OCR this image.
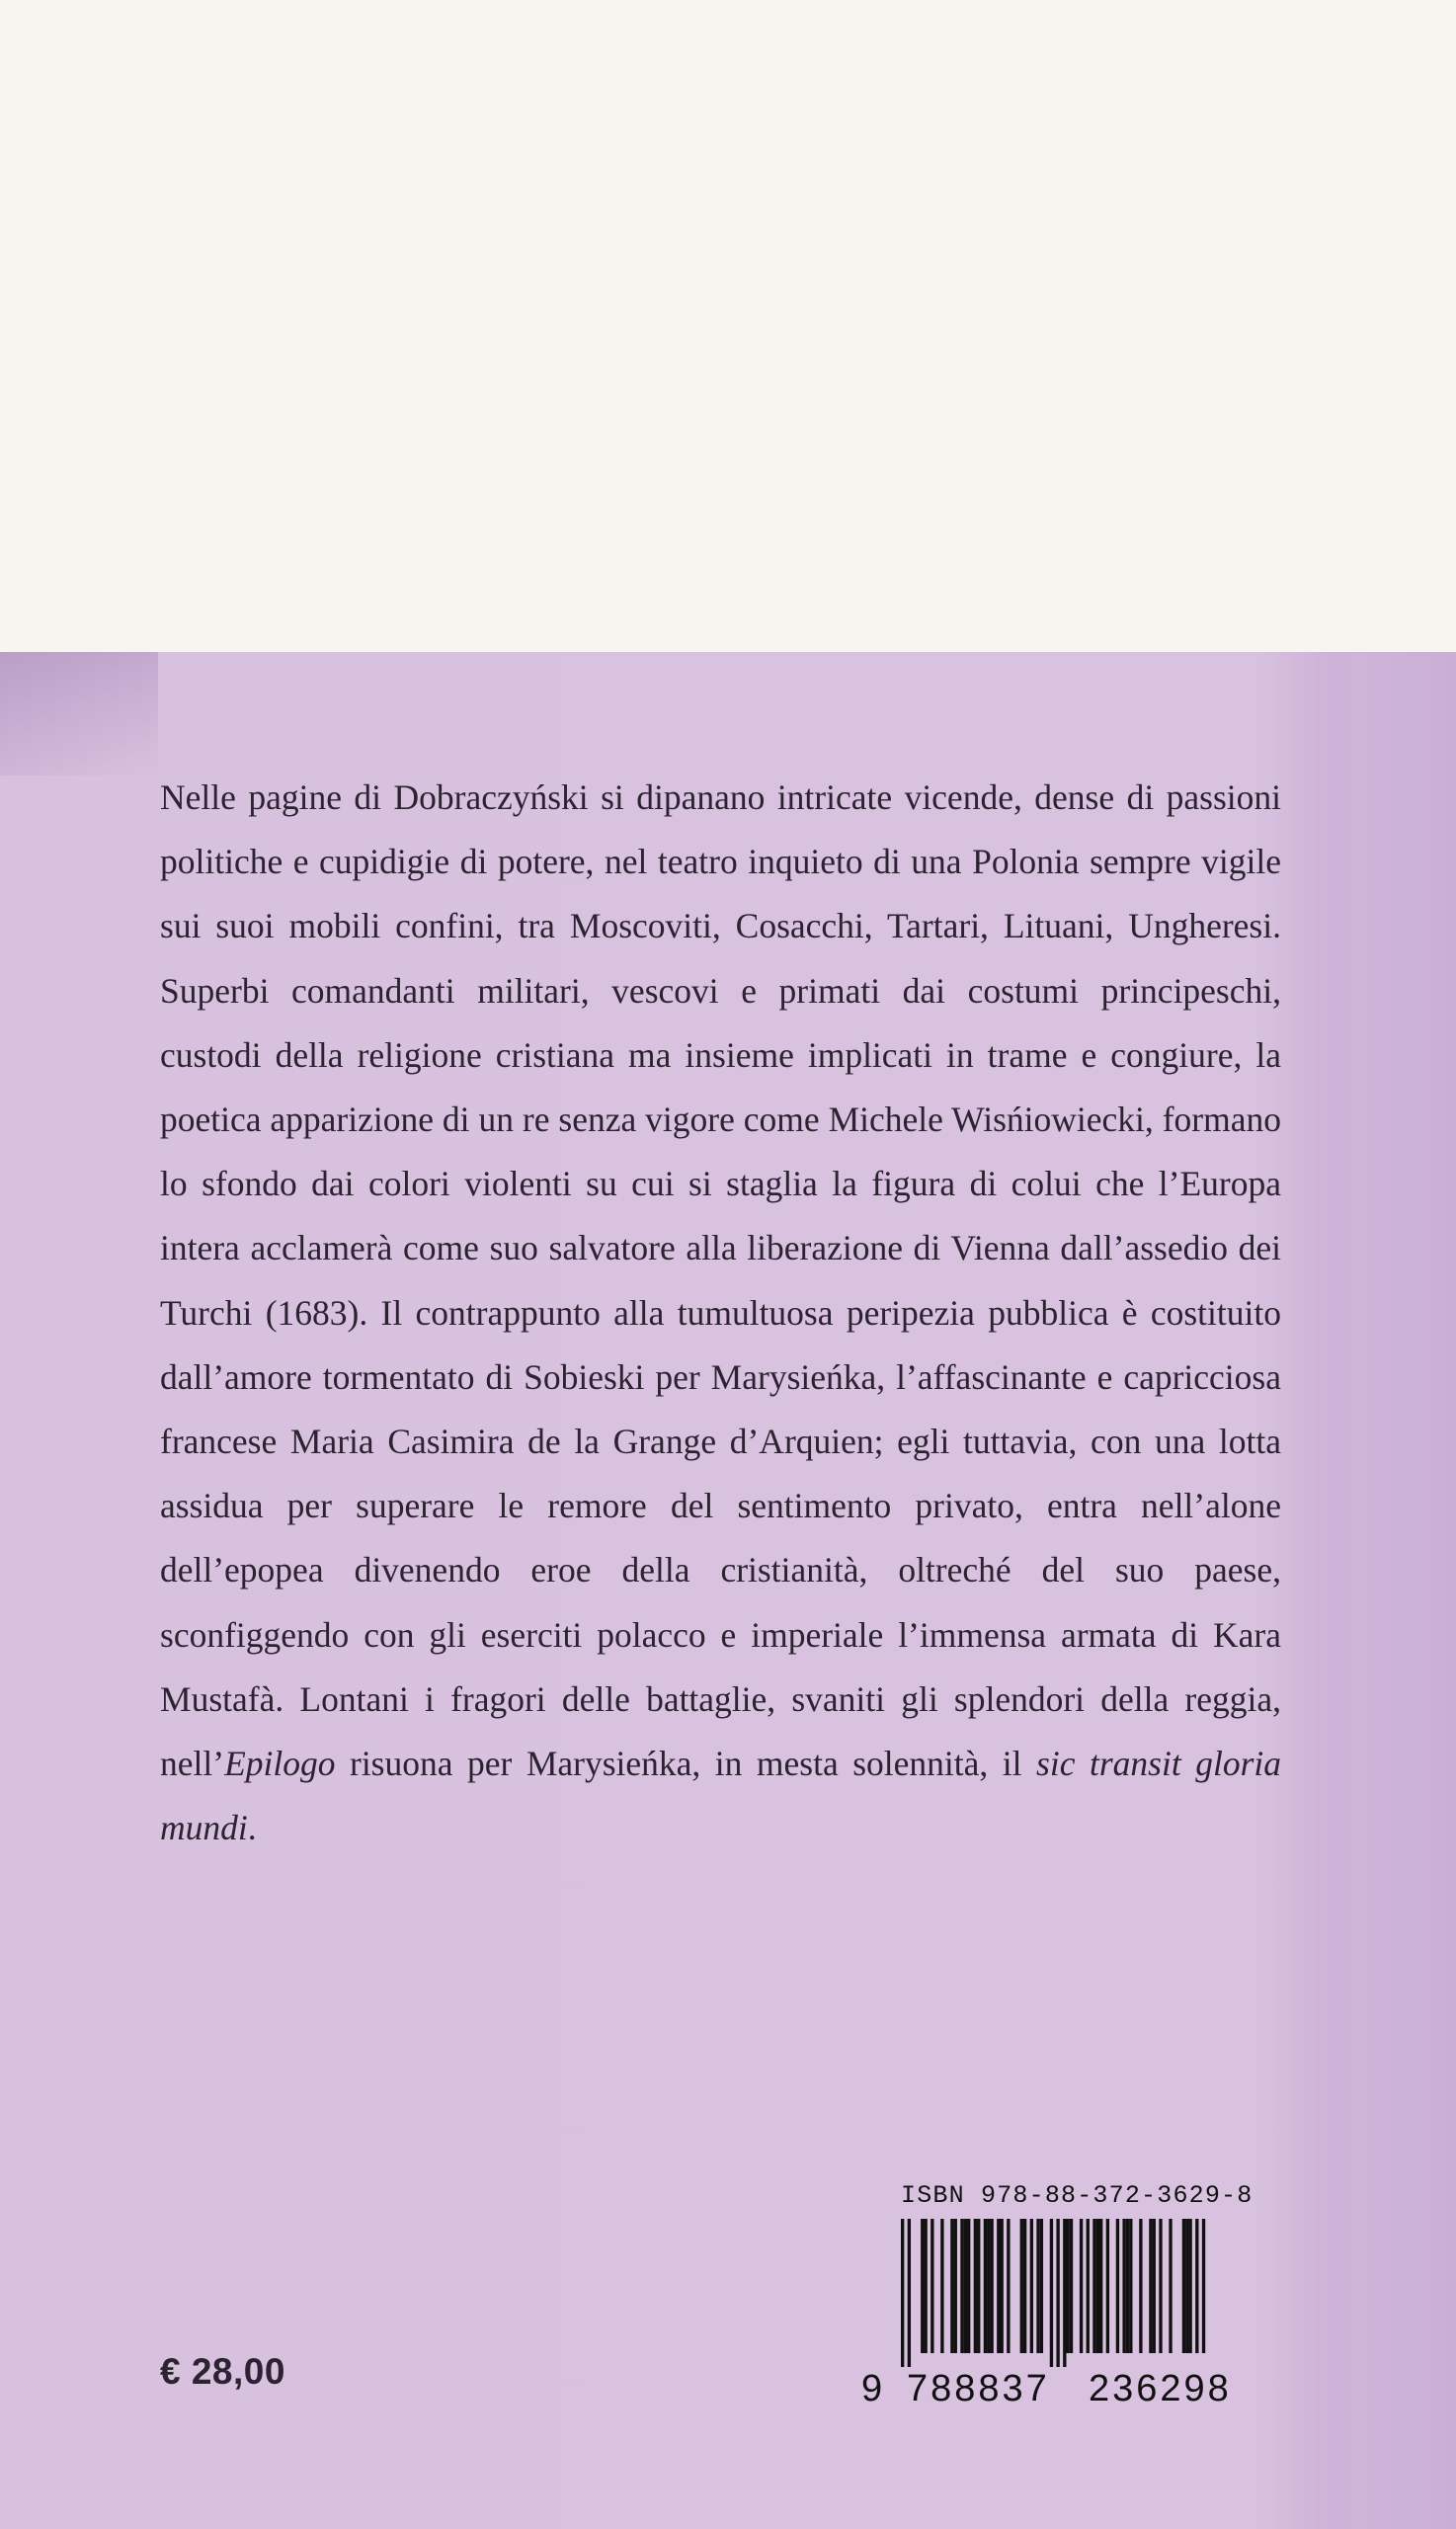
Nelle pagine di Dobraczyński si dipanano intricate vicende, dense di passioni politiche e cupidigie di potere, nel teatro inquieto di una Polonia sempre vigile sui suoi mobili confini, tra Moscoviti, Cosacchi, Tartari, Lituani, Ungheresi. Superbi comandanti militari, vescovi e primati dai costumi principeschi, custodi della religione cristiana ma insieme implicati in trame e congiure, la poetica apparizione di un re senza vigore come Michele Wisńiowiecki, formano lo sfondo dai colori violenti su cui si staglia la figura di colui che l’Europa intera acclamerà come suo salvatore alla liberazione di Vienna dall’assedio dei Turchi (1683). Il contrappunto alla tumultuosa peripezia pubblica è costituito dall’amore tormentato di Sobieski per Marysieńka, l’affascinante e capricciosa francese Maria Casimira de la Grange d’Arquien; egli tuttavia, con una lotta assidua per superare le remore del sentimento privato, entra nell’alone dell’epopea divenendo eroe della cristianità, oltreché del suo paese, sconfiggendo con gli eserciti polacco e imperiale l’immensa armata di Kara Mustafà. Lontani i fragori delle battaglie, svaniti gli splendori della reggia, nell’Epilogo risuona per Marysieńka, in mesta solennità, il sic transit gloria mundi.

€ 28,00
ISBN 978-88-372-3629-8
9 788837 236298
